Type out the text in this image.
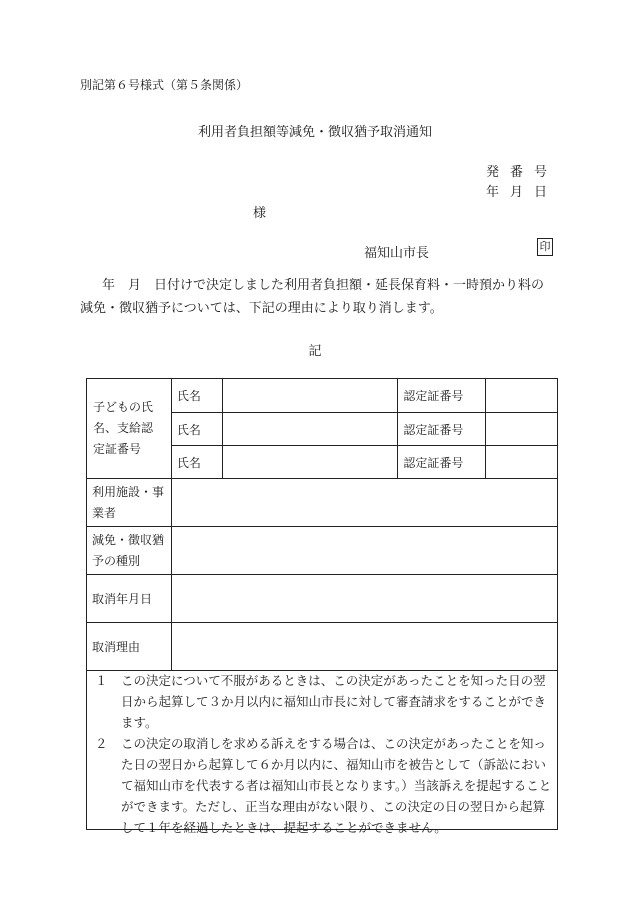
別記第６号様式（第５条関係）
利用者負担額等減免・徴収猶予取消通知
発番号
年月日
様
福知山市長	印
年　月　日付けで決定しました利用者負担額・延長保育料・一時預かり料の減免・徴収猶予については、下記の理由により取り消します。
記
子どもの氏名、支給認定証番号	氏名		認定証番号	
	氏名		認定証番号	
	氏名		認定証番号	
利用施設・事業者				
減免・徴収猶予の種別				
取消年月日				
取消理由				
１	この決定について不服があるときは、この決定があったことを知った日の翌日から起算して３か月以内に福知山市長に対して審査請求をすることができます。
２	この決定の取消しを求める訴えをする場合は、この決定があったことを知った日の翌日から起算して６か月以内に、福知山市を被告として（訴訟において福知山市を代表する者は福知山市長となります。）当該訴えを提起することができます。ただし、正当な理由がない限り、この決定の日の翌日から起算して１年を経過したときは、提起することができません。
